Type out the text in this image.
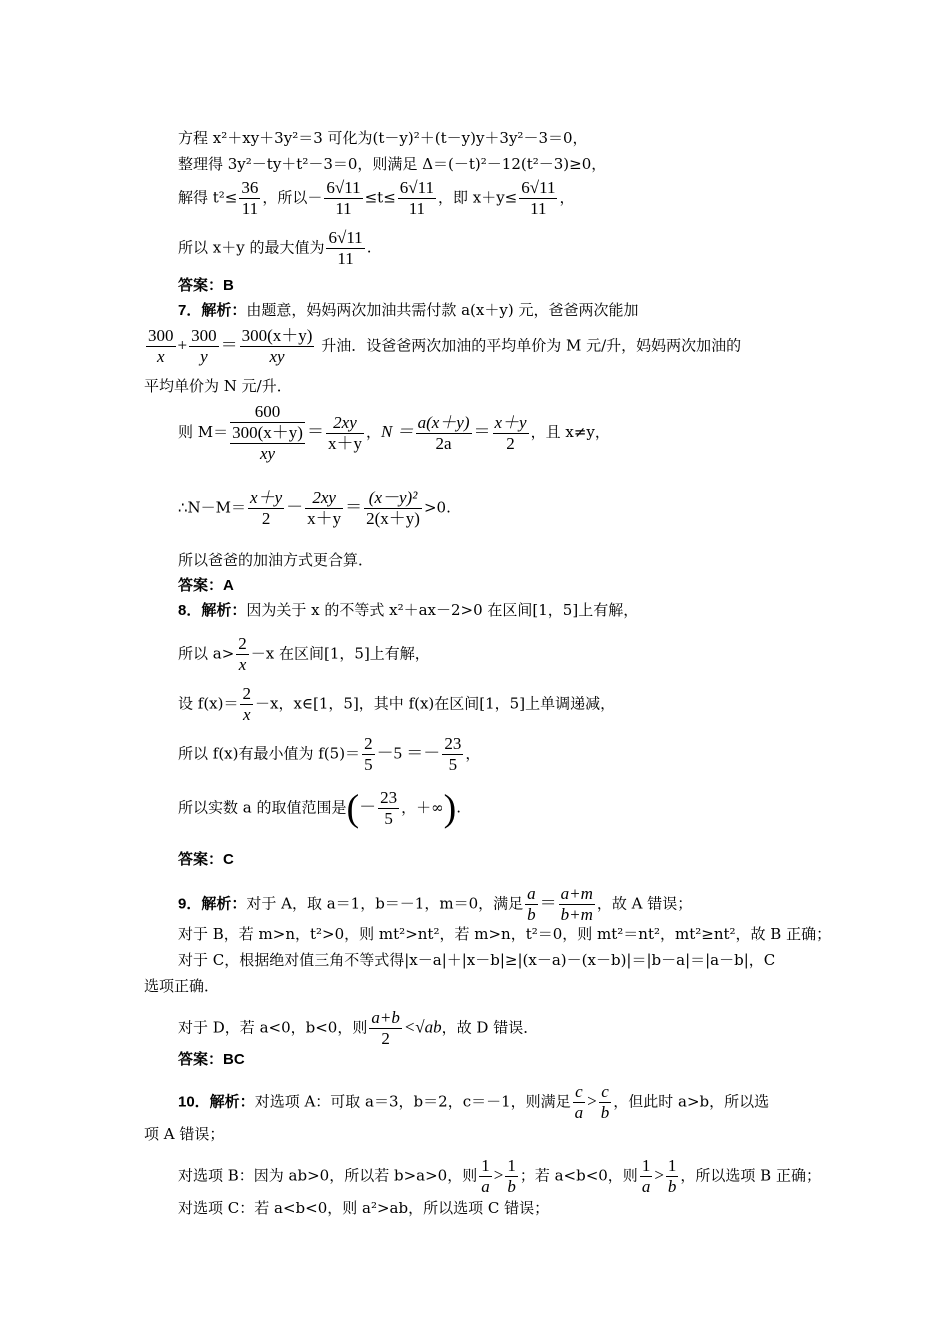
方程 x²＋xy＋3y²＝3 可化为(t－y)²＋(t－y)y＋3y²－3＝0，
整理得 3y²－ty＋t²－3＝0，则满足 Δ＝(－t)²－12(t²－3)≥0，
解得 $t^2\le \frac{36}{11}$ ，所以－ $\frac{6√11}{11} \le t\le \frac{6√11}{11}$ ，即 $x+y\le \frac{6√11}{11}$ ，
所以 x＋y 的最大值为 $\frac{6√11}{11}$ .
答案：B
7．解析：由题意，妈妈两次加油共需付款 a(x＋y) 元，爸爸两次能加
$\frac{300}{x} + \frac{300}{y} = \frac{300(x+y)}{xy}$ 升油．设爸爸两次加油的平均单价为 M 元/升，妈妈两次加油的
平均单价为 N 元/升．
则 M＝
600
300(x＋y)
xy
＝ $\frac{2xy}{x+y}$ ，$N = \frac{a(x+y)}{2a} = \frac{x+y}{2}$ ，且 x≠y，
∴N－M＝ $\frac{x+y}{2} - \frac{2xy}{x+y} = \frac{\text{(x－y)²}}{2(x+y)} >0$.
所以爸爸的加油方式更合算．
答案：A
8．解析：因为关于 x 的不等式 x²＋ax－2>0 在区间[1，5]上有解，
所以 $a> \frac{2}{x} -x$ 在区间[1，5]上有解，
设 $f(x)= \frac{2}{x} -x$，x∈[1，5]，其中 f(x)在区间[1，5]上单调递减，
所以 f(x)有最小值为 $f(5)= \frac{2}{5} -5 =- \frac{23}{5}$ ，
所以实数 a 的取值范围是(－ $\frac{23}{5}$ ，＋∞).
答案：C
9．解析：对于 A，取 a＝1，b＝－1，m＝0，满足 $\frac{a}{b} = \frac{a+m}{b+m}$ ，故 A 错误；
对于 B，若 m>n，t²>0，则 mt²>nt²，若 m>n，t²＝0，则 mt²＝nt²，mt²≥nt²，故 B 正确；
对于 C，根据绝对值三角不等式得|x－a|＋|x－b|≥|(x－a)－(x－b)|＝|b－a|＝|a－b|，C
选项正确．
对于 D，若 a<0，b<0，则 $\frac{a+b}{2} <√ab$，故 D 错误．
答案：BC
10．解析：对选项 A：可取 a＝3，b＝2，c＝－1，则满足 $\frac{c}{a} > \frac{c}{b}$ ，但此时 a>b，所以选
项 A 错误；
对选项 B：因为 ab>0，所以若 b>a>0，则 $\frac{1}{a} > \frac{1}{b}$ ；若 a<b<0，则 $\frac{1}{a} > \frac{1}{b}$ ，所以选项 B 正确；
对选项 C：若 a<b<0，则 a²>ab，所以选项 C 错误；
